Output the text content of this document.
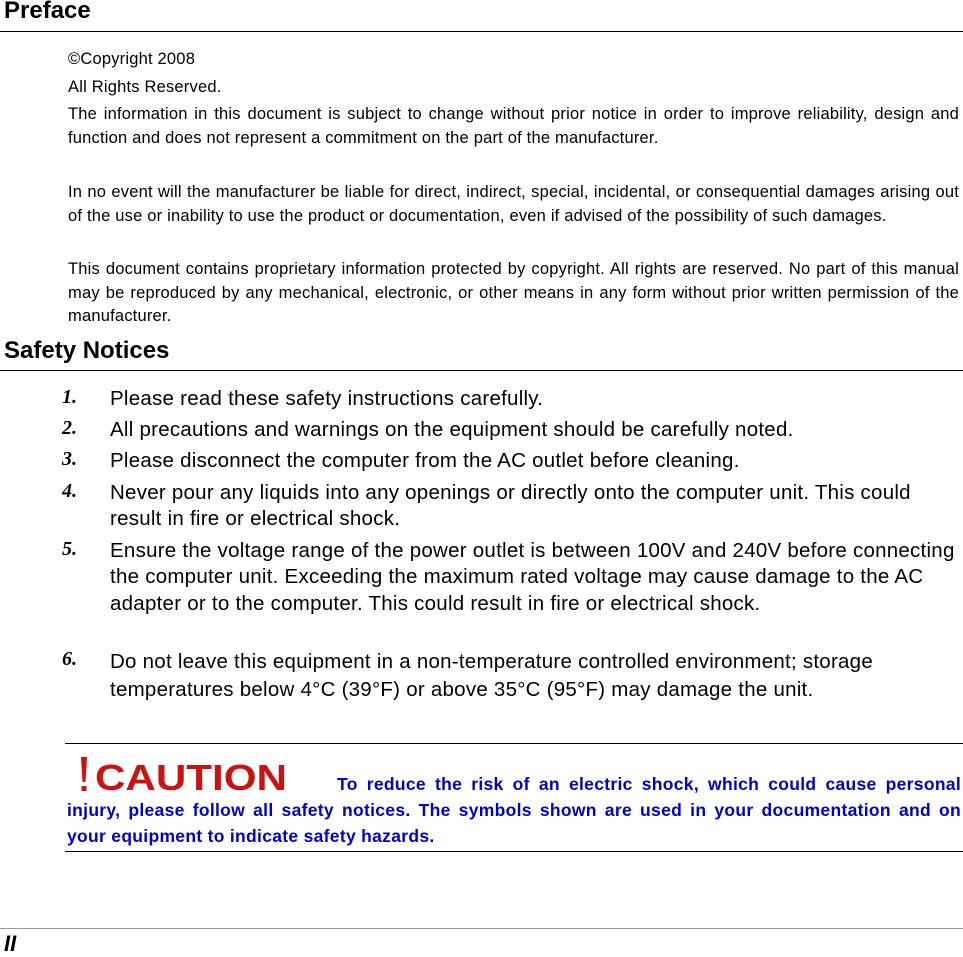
Preface

©Copyright 2008

All Rights Reserved.

The information in this document is subject to change without prior notice in order to improve reliability, design and function and does not represent a commitment on the part of the manufacturer.

In no event will the manufacturer be liable for direct, indirect, special, incidental, or consequential damages arising out of the use or inability to use the product or documentation, even if advised of the possibility of such damages.

This document contains proprietary information protected by copyright. All rights are reserved. No part of this manual may be reproduced by any mechanical, electronic, or other means in any form without prior written permission of the manufacturer.

Safety Notices
1. Please read these safety instructions carefully.
2. All precautions and warnings on the equipment should be carefully noted.
3. Please disconnect the computer from the AC outlet before cleaning.
4. Never pour any liquids into any openings or directly onto the computer unit. This could result in fire or electrical shock.
5. Ensure the voltage range of the power outlet is between 100V and 240V before connecting the computer unit. Exceeding the maximum rated voltage may cause damage to the AC adapter or to the computer. This could result in fire or electrical shock.
6. Do not leave this equipment in a non-temperature controlled environment; storage temperatures below 4°C (39°F) or above 35°C (95°F) may damage the unit.
CAUTION	To reduce the risk of an electric shock, which could cause personal injury, please follow all safety notices. The symbols shown are used in your documentation and on your equipment to indicate safety hazards.
II
